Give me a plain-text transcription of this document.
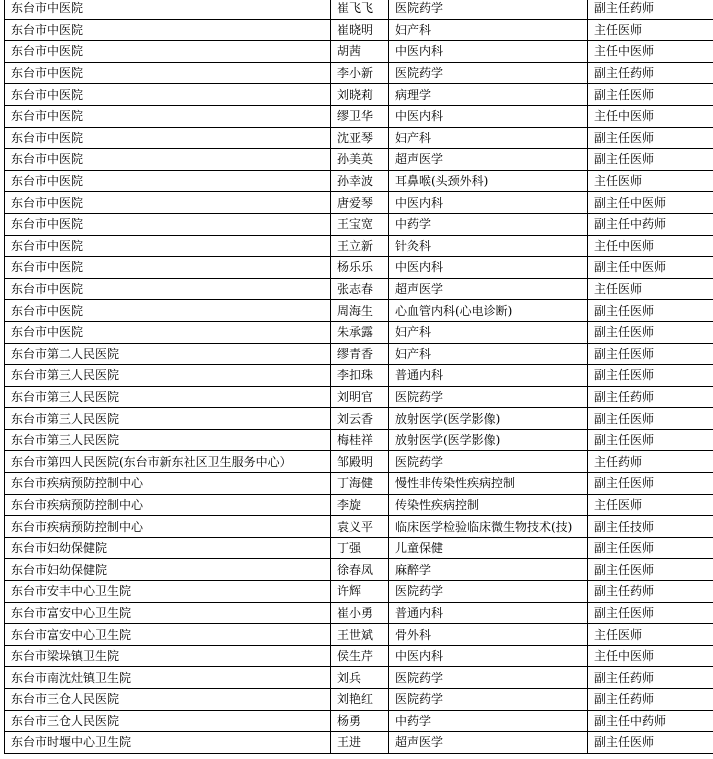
东台市中医院	崔飞飞	医院药学	副主任药师
东台市中医院	崔晓明	妇产科	主任医师
东台市中医院	胡茜	中医内科	主任中医师
东台市中医院	李小新	医院药学	副主任药师
东台市中医院	刘晓莉	病理学	副主任医师
东台市中医院	缪卫华	中医内科	主任中医师
东台市中医院	沈亚琴	妇产科	副主任医师
东台市中医院	孙美英	超声医学	副主任医师
东台市中医院	孙幸波	耳鼻喉(头颈外科)	主任医师
东台市中医院	唐爱琴	中医内科	副主任中医师
东台市中医院	王宝宽	中药学	副主任中药师
东台市中医院	王立新	针灸科	主任中医师
东台市中医院	杨乐乐	中医内科	副主任中医师
东台市中医院	张志春	超声医学	主任医师
东台市中医院	周海生	心血管内科(心电诊断)	副主任医师
东台市中医院	朱承露	妇产科	副主任医师
东台市第二人民医院	缪青香	妇产科	副主任医师
东台市第三人民医院	李扣珠	普通内科	副主任医师
东台市第三人民医院	刘明官	医院药学	副主任药师
东台市第三人民医院	刘云香	放射医学(医学影像)	副主任医师
东台市第三人民医院	梅桂祥	放射医学(医学影像)	副主任医师
东台市第四人民医院(东台市新东社区卫生服务中心）	邹殿明	医院药学	主任药师
东台市疾病预防控制中心	丁海健	慢性非传染性疾病控制	副主任医师
东台市疾病预防控制中心	李旋	传染性疾病控制	主任医师
东台市疾病预防控制中心	袁义平	临床医学检验临床微生物技术(技)	副主任技师
东台市妇幼保健院	丁强	儿童保健	副主任医师
东台市妇幼保健院	徐春凤	麻醉学	副主任医师
东台市安丰中心卫生院	许辉	医院药学	副主任药师
东台市富安中心卫生院	崔小勇	普通内科	副主任医师
东台市富安中心卫生院	王世斌	骨外科	主任医师
东台市梁垛镇卫生院	侯生芹	中医内科	主任中医师
东台市南沈灶镇卫生院	刘兵	医院药学	副主任药师
东台市三仓人民医院	刘艳红	医院药学	副主任药师
东台市三仓人民医院	杨勇	中药学	副主任中药师
东台市时堰中心卫生院	王进	超声医学	副主任医师
